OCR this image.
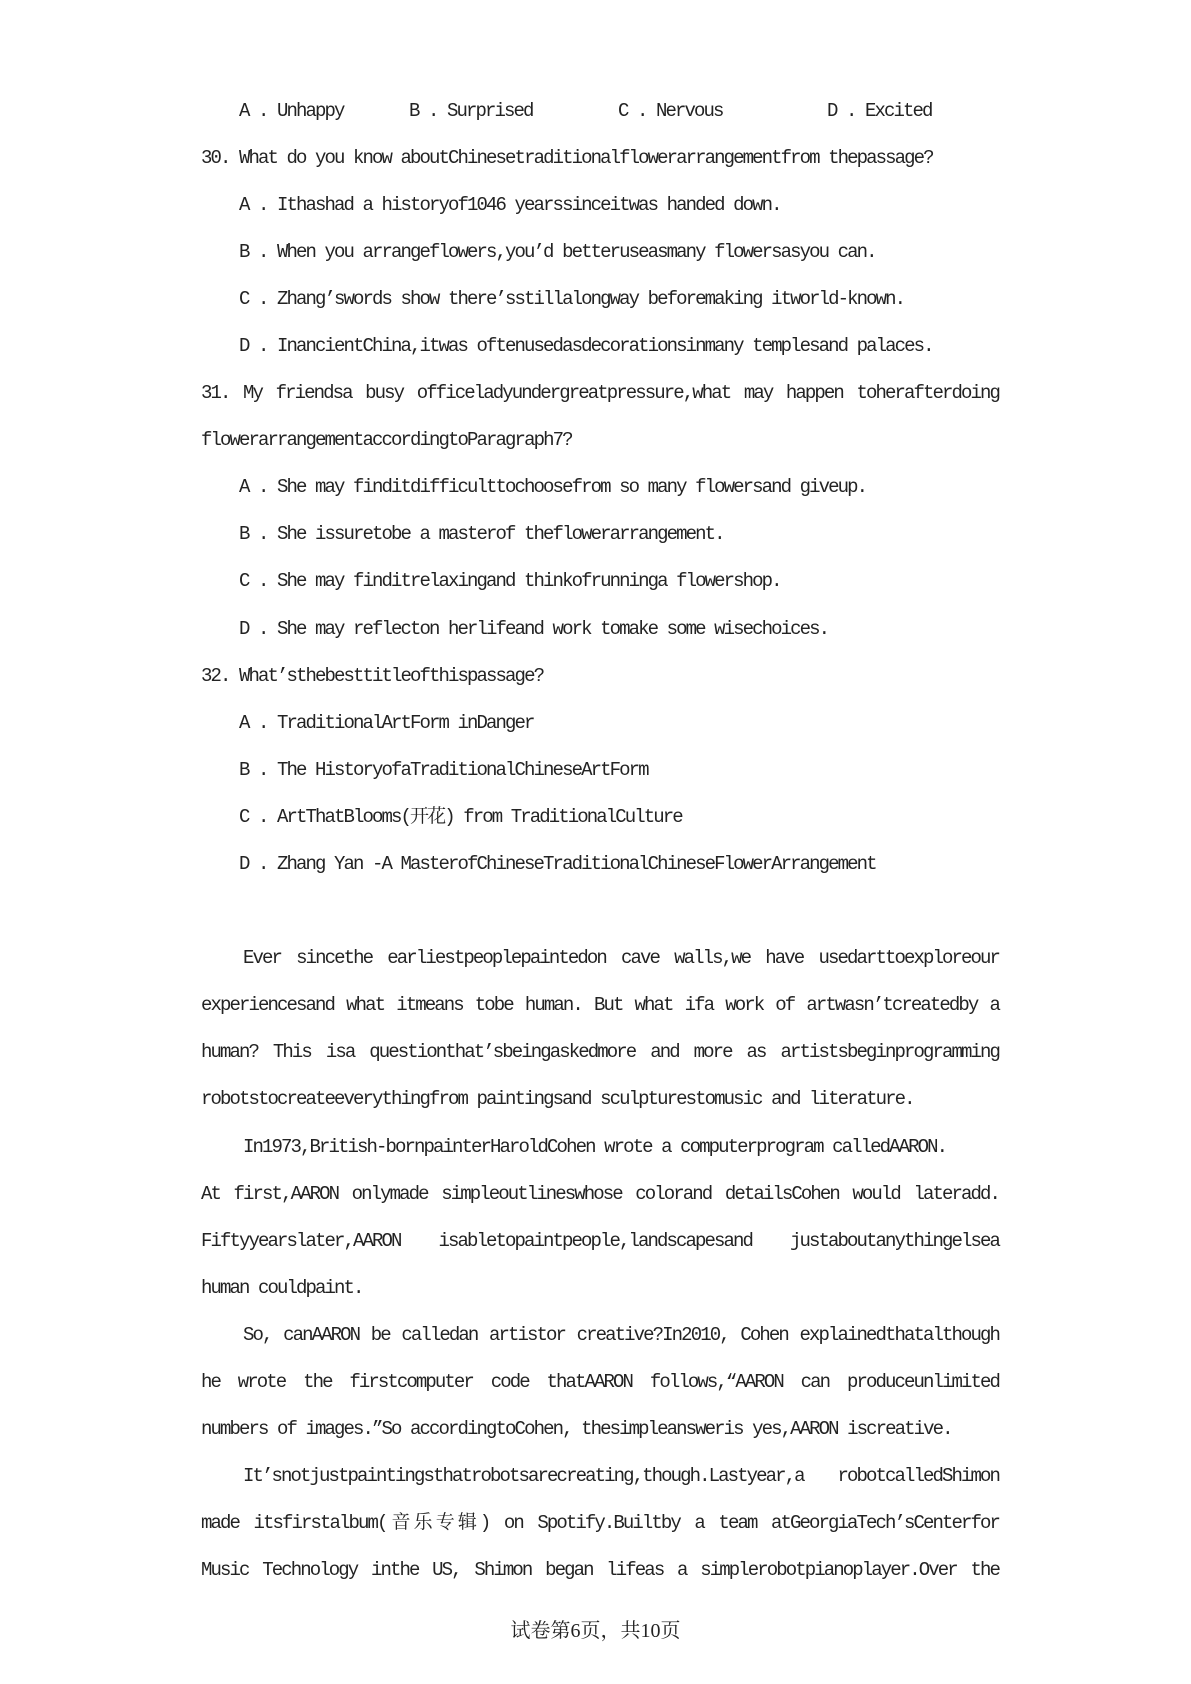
A . Unhappy	B . Surprised	C . Nervous	D . Excited
30. What do you know aboutChinesetraditionalflowerarrangementfrom thepassage?
A . Ithashad a historyof1046 yearssinceitwas handed down.
B . When you arrangeflowers,you’d betteruseasmany flowersasyou can.
C . Zhang’swords show there’sstillalongway beforemaking itworld-known.
D . InancientChina,itwas oftenusedasdecorationsinmany templesand palaces.
31. My friendsa busy officeladyundergreatpressure,what may happen toherafterdoing
flowerarrangementaccordingtoParagraph7?
A . She may finditdifficulttochoosefrom so many flowersand giveup.
B . She issuretobe a masterof theflowerarrangement.
C . She may finditrelaxingand thinkofrunninga flowershop.
D . She may reflecton herlifeand work tomake some wisechoices.
32. What’sthebesttitleofthispassage?
A . TraditionalArtForm inDanger
B . The HistoryofaTraditionalChineseArtForm
C . ArtThatBlooms(开花) from TraditionalCulture
D . Zhang Yan -A MasterofChineseTraditionalChineseFlowerArrangement
Ever sincethe earliestpeoplepaintedon cave walls,we have usedarttoexploreour
experiencesand what itmeans tobe human. But what ifa work of artwasn’tcreatedby a
human? This isa questionthat’sbeingaskedmore and more as artistsbeginprogramming
robotstocreateeverythingfrom paintingsand sculpturestomusic and literature.
In1973,British-bornpainterHaroldCohen wrote a computerprogram calledAARON.
At first,AARON onlymade simpleoutlineswhose colorand detailsCohen would lateradd.
Fiftyyearslater,AARON isabletopaintpeople,landscapesand justaboutanythingelsea
human couldpaint.
So, canAARON be calledan artistor creative?In2010, Cohen explainedthatalthough
he wrote the firstcomputer code thatAARON follows,“AARON can produceunlimited
numbers of images.”So accordingtoCohen, thesimpleansweris yes,AARON iscreative.
It’snotjustpaintingsthatrobotsarecreating,though.Lastyear,a robotcalledShimon
made itsfirstalbum(音乐专辑) on Spotify.Builtby a team atGeorgiaTech’sCenterfor
Music Technology inthe US, Shimon began lifeas a simplerobotpianoplayer.Over the
试卷第6页，共10页
